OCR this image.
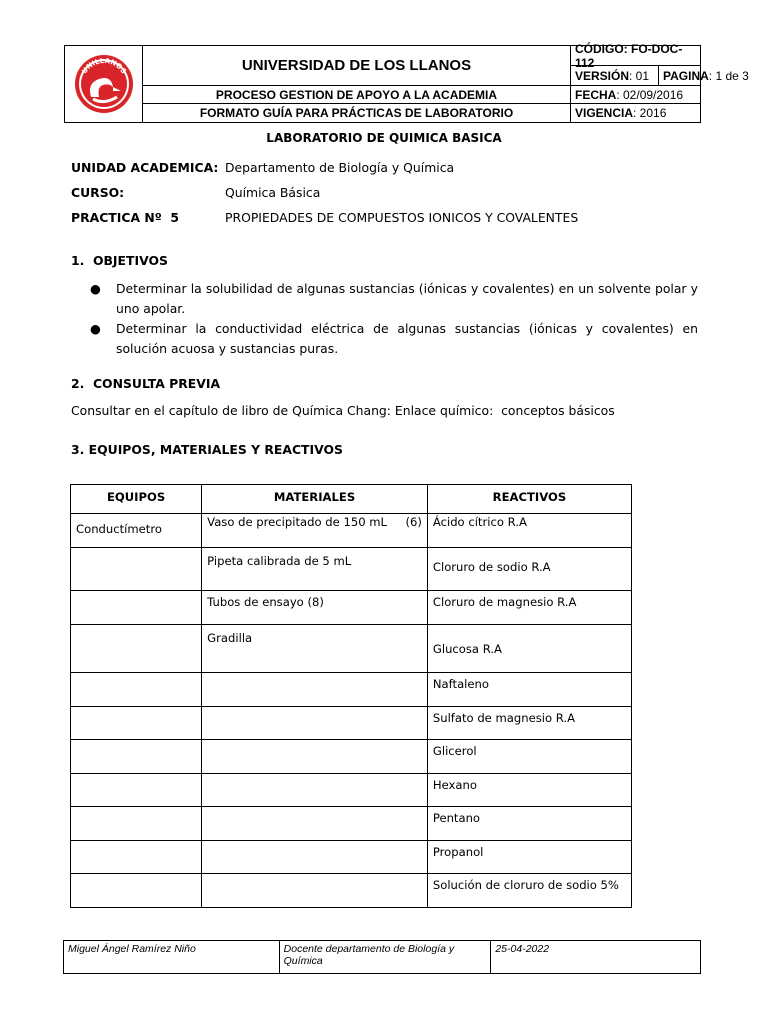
UNILLANOS	UNIVERSIDAD DE LOS LLANOS
PROCESO GESTION DE APOYO A LA ACADEMIA
FORMATO GUÍA PARA PRÁCTICAS DE LABORATORIO
CÓDIGO: FO-DOC-112
VERSIÓN : 01 PAGINA : 1 de 3
FECHA : 02/09/2016
VIGENCIA : 2016
LABORATORIO DE QUIMICA BASICA
UNIDAD ACADEMICA: Departamento de Biología y Química
CURSO:	Química Básica
PRACTICA Nº  5	PROPIEDADES DE COMPUESTOS IONICOS Y COVALENTES
1.  OBJETIVOS
● Determinar la solubilidad de algunas sustancias (iónicas y covalentes) en un solvente polar y uno apolar.
● Determinar la conductividad eléctrica de algunas sustancias (iónicas y covalentes) en solución acuosa y sustancias puras.
2.  CONSULTA PREVIA
Consultar en el capítulo de libro de Química Chang: Enlace químico:  conceptos básicos
3. EQUIPOS, MATERIALES Y REACTIVOS
EQUIPOS	MATERIALES	REACTIVOS
Conductímetro	Vaso de precipitado de 150 mL     (6)	Ácido cítrico R.A
	Pipeta calibrada de 5 mL	Cloruro de sodio R.A
	Tubos de ensayo (8)	Cloruro de magnesio R.A
	Gradilla	Glucosa R.A
		Naftaleno
		Sulfato de magnesio R.A
		Glicerol
		Hexano
		Pentano
		Propanol
		Solución de cloruro de sodio 5%
Miguel Ángel Ramírez Niño	Docente departamento de Biología y Química	25-04-2022
